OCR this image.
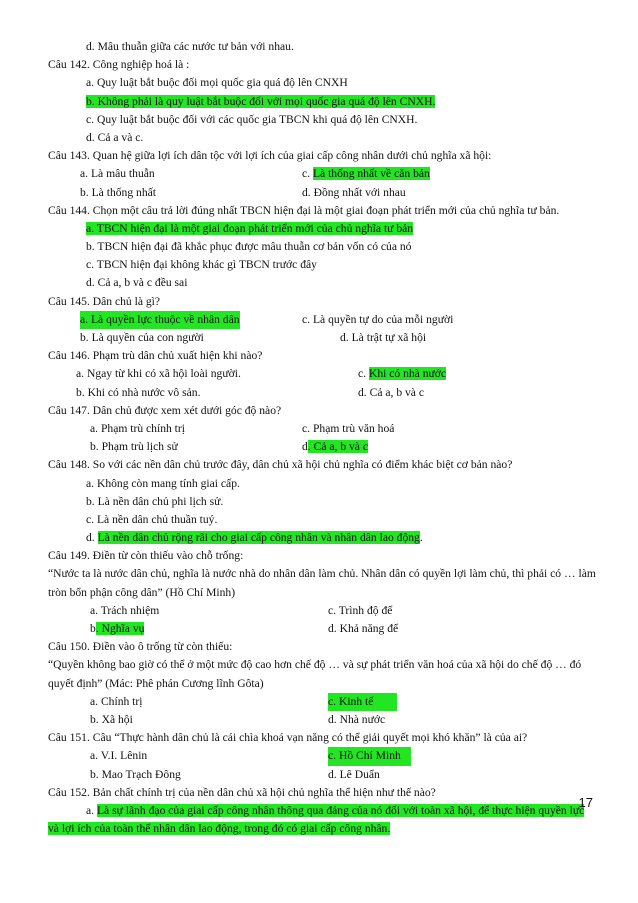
d. Mâu thuẫn giữa các nước tư bản với nhau.
Câu 142. Công nghiệp hoá là :
a. Quy luật bắt buộc đối mọi quốc gia quá độ lên CNXH
b. Không phải là quy luật bắt buộc đối với mọi quốc gia quá độ lên CNXH.
c. Quy luật bắt buộc đối với các quốc gia TBCN khi quá độ lên CNXH.
d. Cả a và c.
Câu 143. Quan hệ giữa lợi ích dân tộc với lợi ích của giai cấp công nhân dưới chủ nghĩa xã hội:
a. Là mâu thuẫn	c. Là thống nhất về căn bản
b. Là thống nhất	d. Đồng nhất với nhau
Câu 144. Chọn một câu trả lời đúng nhất TBCN hiện đại là một giai đoạn phát triển mới của chủ nghĩa tư bản.
a. TBCN hiện đại là một giai đoạn phát triển mới của chủ nghĩa tư bản
b. TBCN hiện đại đã khắc phục được mâu thuẫn cơ bản vốn có của nó
c. TBCN hiện đại không khác gì TBCN trước đây
d. Cả a, b và c đều sai
Câu 145. Dân chủ là gì?
a. Là quyền lực thuộc về nhân dân	c. Là quyền tự do của mỗi người
b. Là quyền của con người	d. Là trật tự xã hội
Câu 146. Phạm trù dân chủ xuất hiện khi nào?
a. Ngay từ khi có xã hội loài người.	c. Khi có nhà nước
b. Khi có nhà nước vô sản.	d. Cả a, b và c
Câu 147. Dân chủ được xem xét dưới góc độ nào?
a. Phạm trù chính trị	c. Phạm trù văn hoá
b. Phạm trù lịch sử	d. Cả a, b và c
Câu 148. So với các nền dân chủ trước đây, dân chủ xã hội chủ nghĩa có điểm khác biệt cơ bản nào?
a. Không còn mang tính giai cấp.
b. Là nền dân chủ phi lịch sử.
c. Là nền dân chủ thuần tuý.
d. Là nền dân chủ rộng rãi cho giai cấp công nhân và nhân dân lao động.
Câu 149. Điền từ còn thiếu vào chỗ trống:
“Nước ta là nước dân chủ, nghĩa là nước nhà do nhân dân làm chủ. Nhân dân có quyền lợi làm chủ, thì phải có … làm tròn bổn phận công dân” (Hồ Chí Minh)
a. Trách nhiệm	c. Trình độ để
b. Nghĩa vụ	d. Khả năng để
Câu 150. Điền vào ô trống từ còn thiếu:
“Quyền không bao giờ có thể ở một mức độ cao hơn chế độ … và sự phát triển văn hoá của xã hội do chế độ … đó quyết định” (Mác: Phê phán Cương lĩnh Gôta)
a. Chính trị	c. Kinh tế
b. Xã hội	d. Nhà nước
Câu 151. Câu “Thực hành dân chủ là cái chìa khoá vạn năng có thể giải quyết mọi khó khăn” là của ai?
a. V.I. Lênin	c. Hồ Chí Minh
b. Mao Trạch Đông	d. Lê Duẩn
Câu 152. Bản chất chính trị của nền dân chủ xã hội chủ nghĩa thể hiện như thế nào?
a. Là sự lãnh đạo của giai cấp công nhân thông qua đảng của nó đối với toàn xã hội, để thực hiện quyền lực và lợi ích của toàn thể nhân dân lao động, trong đó có giai cấp công nhân.
17
